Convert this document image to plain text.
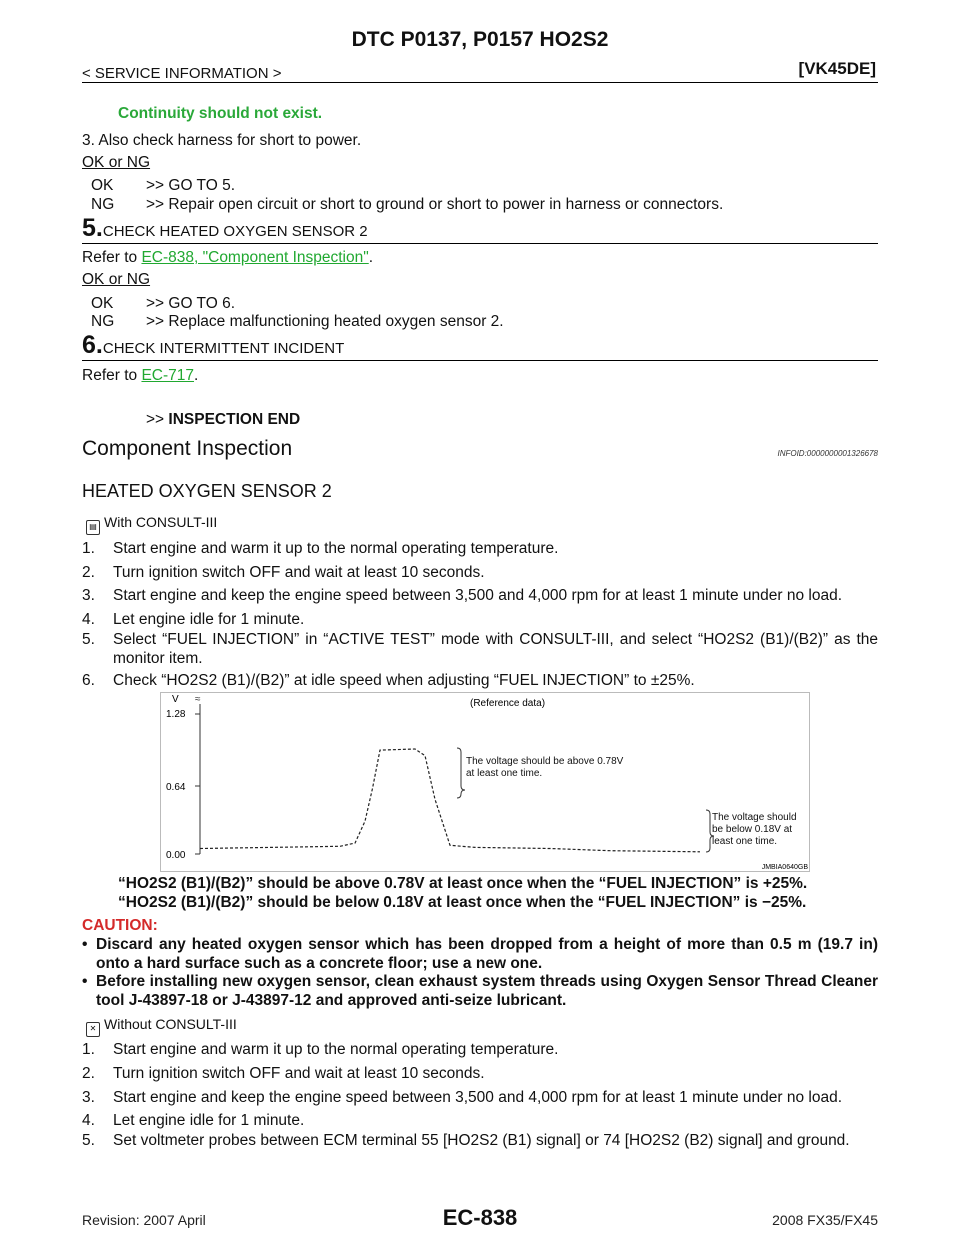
DTC P0137, P0157 HO2S2
< SERVICE INFORMATION >	[VK45DE]
Continuity should not exist.
3. Also check harness for short to power.
OK or NG
OK >> GO TO 5.
NG >> Repair open circuit or short to ground or short to power in harness or connectors.
5.CHECK HEATED OXYGEN SENSOR 2
Refer to EC-838, "Component Inspection".
OK or NG
OK >> GO TO 6.
NG >> Replace malfunctioning heated oxygen sensor 2.
6.CHECK INTERMITTENT INCIDENT
Refer to EC-717.
>> INSPECTION END
Component Inspection	INFOID:0000000001326678
HEATED OXYGEN SENSOR 2
▤ With CONSULT-III
1. Start engine and warm it up to the normal operating temperature.
2. Turn ignition switch OFF and wait at least 10 seconds.
3. Start engine and keep the engine speed between 3,500 and 4,000 rpm for at least 1 minute under no load.
4. Let engine idle for 1 minute.
5. Select “FUEL INJECTION” in “ACTIVE TEST” mode with CONSULT-III, and select “HO2S2 (B1)/(B2)” as the monitor item.
6. Check “HO2S2 (B1)/(B2)” at idle speed when adjusting “FUEL INJECTION” to ±25%.
V ≈
1.28
0.64
0.00
(Reference data)
The voltage should be above 0.78V at least one time.
The voltage should be below 0.18V at least one time.
JMBIA0640GB
“HO2S2 (B1)/(B2)” should be above 0.78V at least once when the “FUEL INJECTION” is +25%.
“HO2S2 (B1)/(B2)” should be below 0.18V at least once when the “FUEL INJECTION” is −25%.
CAUTION:
• Discard any heated oxygen sensor which has been dropped from a height of more than 0.5 m (19.7 in) onto a hard surface such as a concrete floor; use a new one.
• Before installing new oxygen sensor, clean exhaust system threads using Oxygen Sensor Thread Cleaner tool J-43897-18 or J-43897-12 and approved anti-seize lubricant.
✕ Without CONSULT-III
1. Start engine and warm it up to the normal operating temperature.
2. Turn ignition switch OFF and wait at least 10 seconds.
3. Start engine and keep the engine speed between 3,500 and 4,000 rpm for at least 1 minute under no load.
4. Let engine idle for 1 minute.
5. Set voltmeter probes between ECM terminal 55 [HO2S2 (B1) signal] or 74 [HO2S2 (B2) signal] and ground.
Revision: 2007 April	EC-838	2008 FX35/FX45
